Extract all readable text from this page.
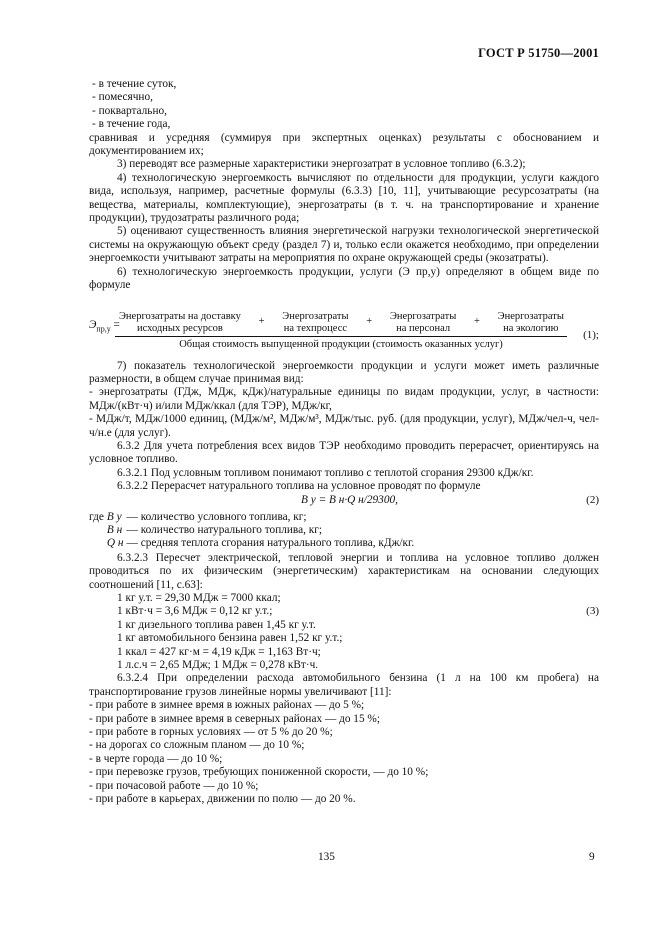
ГОСТ Р 51750—2001

- в течение суток,

- помесячно,

- поквартально,

- в течение года,

сравнивая и усредняя (суммируя при экспертных оценках) результаты с обоснованием и документированием их;

3) переводят все размерные характеристики энергозатрат в условное топливо (6.3.2);

4) технологическую энергоемкость вычисляют по отдельности для продукции, услуги каждого вида, используя, например, расчетные формулы (6.3.3) [10, 11], учитывающие ресурсозатраты (на вещества, материалы, комплектующие), энергозатраты (в т. ч. на транспортирование и хранение продукции), трудозатраты различного рода;

5) оценивают существенность влияния энергетической нагрузки технологической энергетической системы на окружающую объект среду (раздел 7) и, только если окажется необходимо, при определении энергоемкости учитывают затраты на мероприятия по охране окружающей среды (экозатраты).

6) технологическую энергоемкость продукции, услуги (Э пр,у) определяют в общем виде по формуле

$Э_{пр,у}$ =
Энергозатраты на доставку
исходных ресурсов
+ Энергозатраты
на техпроцесс
+ Энергозатраты
на персонал
+ Энергозатраты
на экологию
Общая стоимость выпущенной продукции (стоимость оказанных услуг)
(1);

7) показатель технологической энергоемкости продукции и услуги может иметь различные размерности, в общем случае принимая вид:

- энергозатраты (ГДж, МДж, кДж)/натуральные единицы по видам продукции, услуг, в частности: МДж/(кВт·ч) и/или МДж/ккал (для ТЭР), МДж/кг,

- МДж/т, МДж/1000 единиц, (МДж/м², МДж/м³, МДж/тыс. руб. (для продукции, услуг), МДж/чел-ч, чел-ч/н.е (для услуг).

6.3.2 Для учета потребления всех видов ТЭР необходимо проводить перерасчет, ориентируясь на условное топливо.

6.3.2.1 Под условным топливом понимают топливо с теплотой сгорания 29300 кДж/кг.

6.3.2.2 Перерасчет натурального топлива на условное проводят по формуле

B у = B н·Q н/29300,	(2)
где	B у	—	количество условного топлива, кг;
	B н	—	количество натурального топлива, кг;
	Q н	—	средняя теплота сгорания натурального топлива, кДж/кг.

6.3.2.3 Пересчет электрической, тепловой энергии и топлива на условное топливо должен проводиться по их физическим (энергетическим) характеристикам на основании следующих соотношений [11, с.63]:

1 кг у.т. = 29,30 МДж = 7000 ккал;

1 кВт·ч = 3,6 МДж = 0,12 кг у.т.;	(3)

1 кг дизельного топлива равен 1,45 кг у.т.

1 кг автомобильного бензина равен 1,52 кг у.т.;

1 ккал = 427 кг·м = 4,19 кДж = 1,163 Вт·ч;

1 л.с.ч = 2,65 МДж; 1 МДж = 0,278 кВт·ч.

6.3.2.4 При определении расхода автомобильного бензина (1 л на 100 км пробега) на транспортирование грузов линейные нормы увеличивают [11]:

- при работе в зимнее время в южных районах — до 5 %;

- при работе в зимнее время в северных районах — до 15 %;

- при работе в горных условиях — от 5 % до 20 %;

- на дорогах со сложным планом — до 10 %;

- в черте города — до 10 %;

- при перевозке грузов, требующих пониженной скорости, — до 10 %;

- при почасовой работе — до 10 %;

- при работе в карьерах, движении по полю — до 20 %.

135	9
